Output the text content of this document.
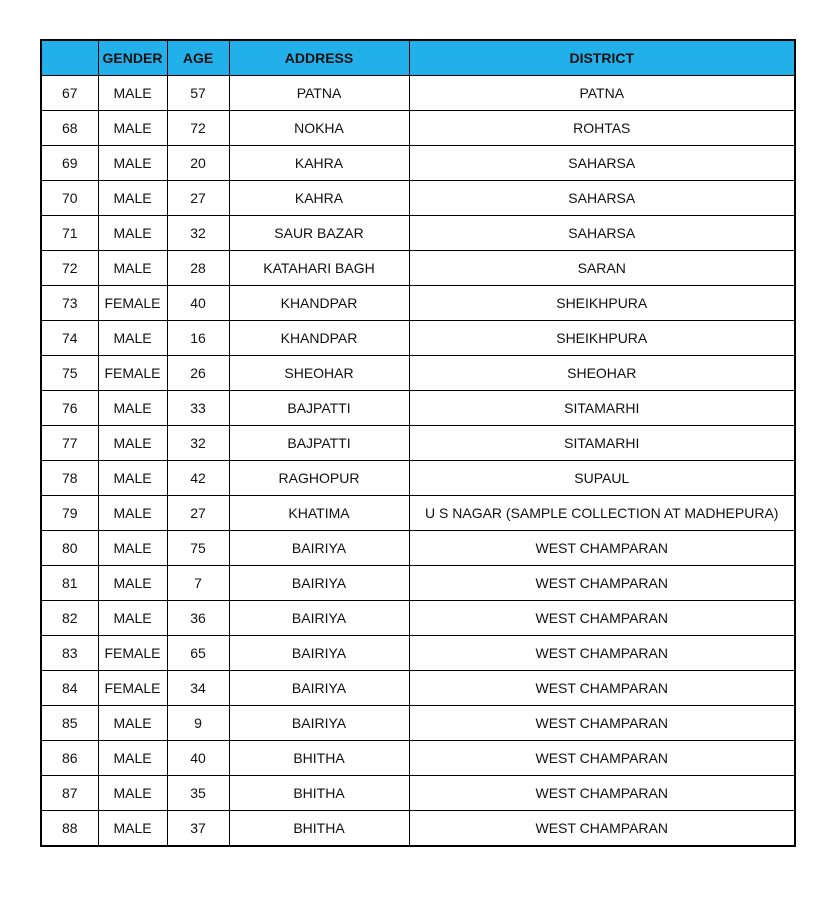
	GENDER	AGE	ADDRESS	DISTRICT
67	MALE	57	PATNA	PATNA
68	MALE	72	NOKHA	ROHTAS
69	MALE	20	KAHRA	SAHARSA
70	MALE	27	KAHRA	SAHARSA
71	MALE	32	SAUR BAZAR	SAHARSA
72	MALE	28	KATAHARI BAGH	SARAN
73	FEMALE	40	KHANDPAR	SHEIKHPURA
74	MALE	16	KHANDPAR	SHEIKHPURA
75	FEMALE	26	SHEOHAR	SHEOHAR
76	MALE	33	BAJPATTI	SITAMARHI
77	MALE	32	BAJPATTI	SITAMARHI
78	MALE	42	RAGHOPUR	SUPAUL
79	MALE	27	KHATIMA	U S NAGAR (SAMPLE COLLECTION AT MADHEPURA)
80	MALE	75	BAIRIYA	WEST CHAMPARAN
81	MALE	7	BAIRIYA	WEST CHAMPARAN
82	MALE	36	BAIRIYA	WEST CHAMPARAN
83	FEMALE	65	BAIRIYA	WEST CHAMPARAN
84	FEMALE	34	BAIRIYA	WEST CHAMPARAN
85	MALE	9	BAIRIYA	WEST CHAMPARAN
86	MALE	40	BHITHA	WEST CHAMPARAN
87	MALE	35	BHITHA	WEST CHAMPARAN
88	MALE	37	BHITHA	WEST CHAMPARAN
